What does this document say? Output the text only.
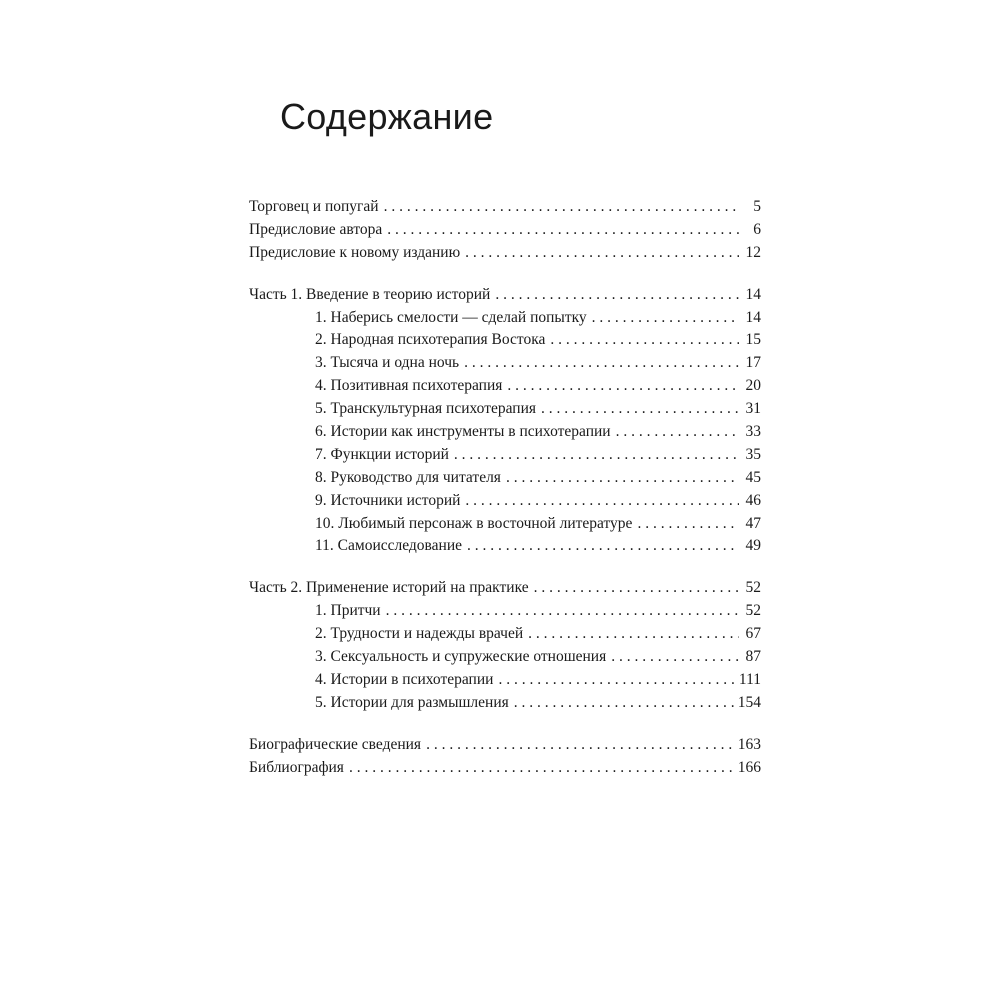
Содержание
Торговец и попугай . . .	5
Предисловие автора . . .	6
Предисловие к новому изданию . . .	12
Часть 1. Введение в теорию историй . . .	14
1. Наберись смелости — сделай попытку . . .	14
2. Народная психотерапия Востока . . .	15
3. Тысяча и одна ночь . . .	17
4. Позитивная психотерапия . . .	20
5. Транскультурная психотерапия . . .	31
6. Истории как инструменты в психотерапии . . .	33
7. Функции историй . . .	35
8. Руководство для читателя . . .	45
9. Источники историй . . .	46
10. Любимый персонаж в восточной литературе . . .	47
11. Самоисследование . . .	49
Часть 2. Применение историй на практике . . .	52
1. Притчи . . .	52
2. Трудности и надежды врачей . . .	67
3. Сексуальность и супружеские отношения . . .	87
4. Истории в психотерапии . . .	111
5. Истории для размышления . . .	154
Биографические сведения . . .	163
Библиография . . .	166
